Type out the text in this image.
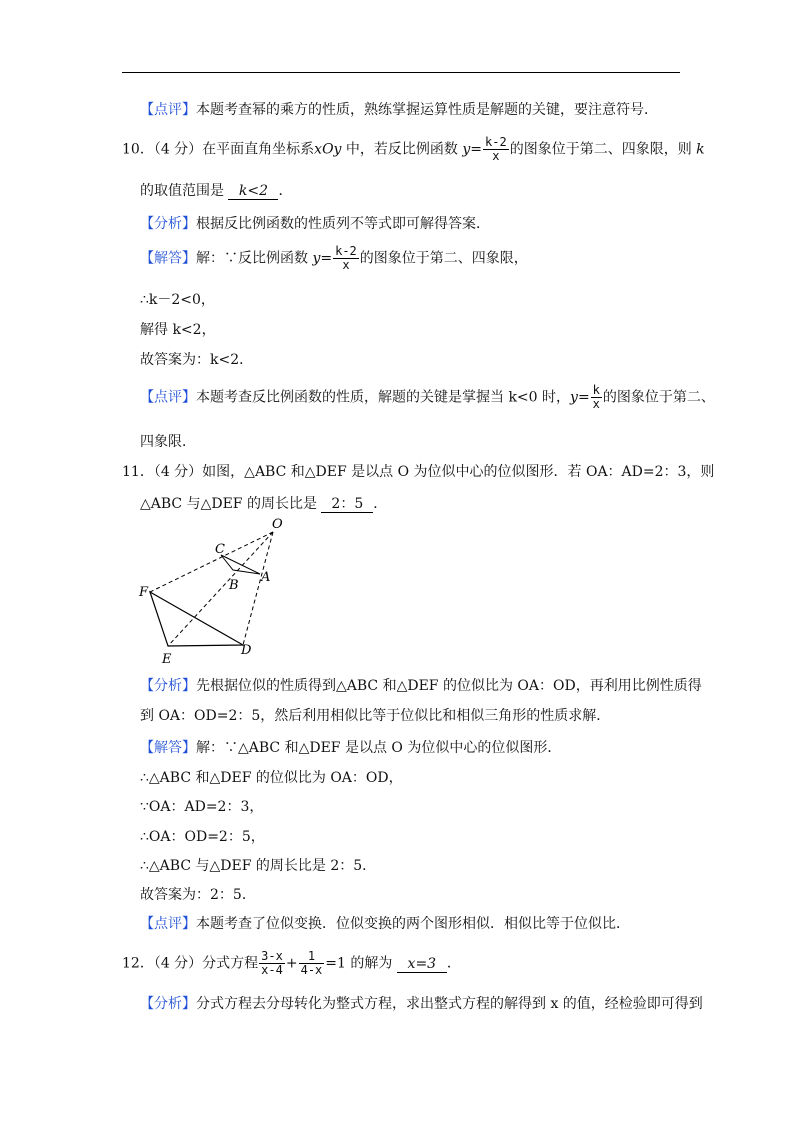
【点评】本题考查幂的乘方的性质，熟练掌握运算性质是解题的关键，要注意符号．
10．（4 分）在平面直角坐标系xOy 中，若反比例函数 $y= \frac{k-2}{x}$ 的图象位于第二、四象限，则 k
的取值范围是 k<2 ．
【分析】根据反比例函数的性质列不等式即可解得答案．
【解答】解：∵反比例函数 $y= \frac{k-2}{x}$ 的图象位于第二、四象限，
∴k－2<0，
解得 k<2，
故答案为：k<2．
【点评】本题考查反比例函数的性质，解题的关键是掌握当 k<0 时，$y= \frac{k}{x}$ 的图象位于第二、
四象限．
11．（4 分）如图，△ABC 和△DEF 是以点 O 为位似中心的位似图形．若 OA：AD=2：3，则
△ABC 与△DEF 的周长比是 2：5 ．
O
C
A
B
F
E
D
【分析】先根据位似的性质得到△ABC 和△DEF 的位似比为 OA：OD，再利用比例性质得
到 OA：OD=2：5，然后利用相似比等于位似比和相似三角形的性质求解．
【解答】解：∵△ABC 和△DEF 是以点 O 为位似中心的位似图形．
∴△ABC 和△DEF 的位似比为 OA：OD，
∵OA：AD=2：3，
∴OA：OD=2：5，
∴△ABC 与△DEF 的周长比是 2：5．
故答案为：2：5．
【点评】本题考查了位似变换．位似变换的两个图形相似．相似比等于位似比．
12．（4 分）分式方程 $\frac{3-x}{x-4} + \frac{1}{4-x} =1$ 的解为 x=3 ．
【分析】分式方程去分母转化为整式方程，求出整式方程的解得到 x 的值，经检验即可得到
